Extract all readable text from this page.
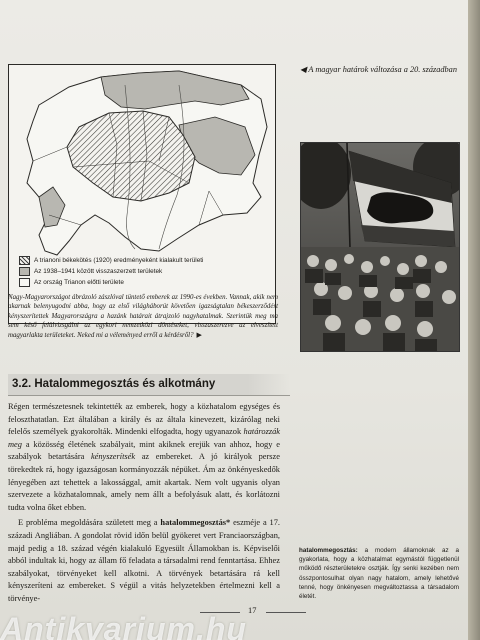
A trianoni békekötés (1920) eredményeként kialakult területi
Az 1938–1941 között visszaszerzett területek
Az ország Trianon előtti területe
◀ A magyar határok változása a 20. században
Nagy-Magyarországot ábrázoló zászlóval tüntető emberek az 1990-es években. Vannak, akik nem akarnak belenyugodni abba, hogy az első világháborút követően igazságtalan békeszerződést kényszerítettek Magyarországra a hazánk határait átrajzoló nagyhatalmak. Szerintük meg ma sem késő felülvizsgálni az egykori nemzetközi döntéseket, visszaszerezve az elveszített magyarlakta területeket. Neked mi a véleményed erről a kérdésről? ▶
3.2. Hatalommegosztás és alkotmány

Régen természetesnek tekintették az emberek, hogy a közhatalom egységes és feloszthatatlan. Ezt általában a király és az általa kinevezett, kizárólag neki felelős személyek gyakorolták. Mindenki elfogadta, hogy ugyanazok határozzák meg a közösség életének szabályait, mint akiknek erejük van ahhoz, hogy e szabályok betartására kényszerítsék az embereket. A jó királyok persze törekedtek rá, hogy igazságosan kormányozzák népüket. Ám az önkényeskedők lényegében azt tehettek a lakossággal, amit akartak. Nem volt ugyanis olyan szervezete a közhatalomnak, amely nem állt a befolyásuk alatt, és korlátozni tudta volna őket ebben.

E probléma megoldására született meg a hatalommegosztás* eszméje a 17. századi Angliában. A gondolat rövid időn belül gyökeret vert Franciaországban, majd pedig a 18. század végén kialakuló Egyesült Államokban is. Képviselői abból indultak ki, hogy az állam fő feladata a társadalmi rend fenntartása. Ehhez szabályokat, törvényeket kell alkotni. A törvények betartására rá kell kényszeríteni az embereket. S végül a vitás helyzetekben értelmezni kell a törvénye-

hatalommegosztás: a modern államoknak az a gyakorlata, hogy a közhatalmat egymástól függetlenül működő részterületekre osztják. Így senki kezében nem összpontosulhat olyan nagy hatalom, amely lehetővé tenné, hogy önkényesen megváltoztassa a társadalom életét.
17
Antikvarium.hu
